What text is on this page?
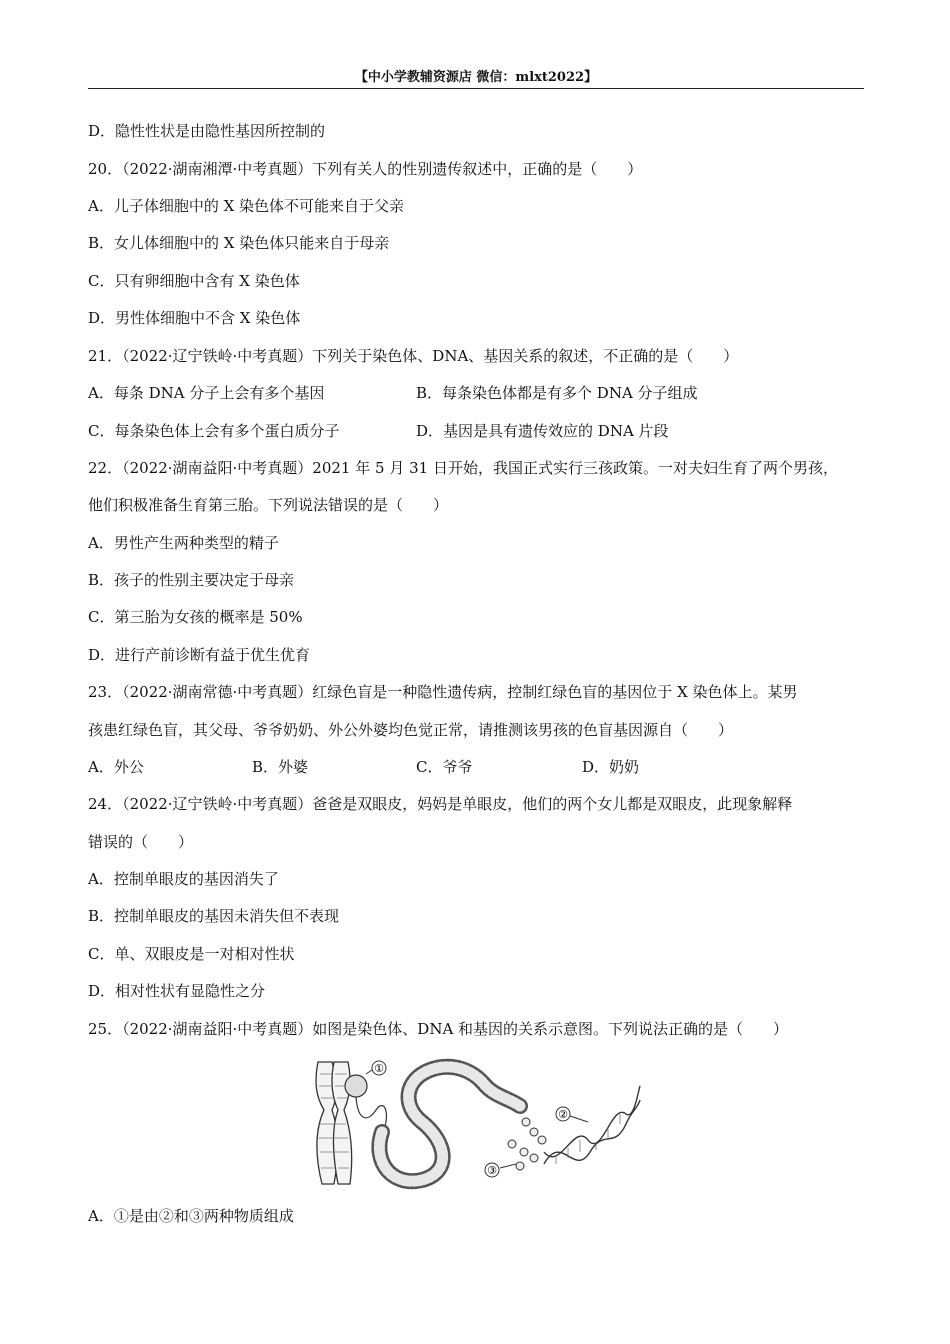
【中小学教辅资源店 微信：mlxt2022】
D．隐性性状是由隐性基因所控制的
20．（2022·湖南湘潭·中考真题）下列有关人的性别遗传叙述中，正确的是（　　）
A．儿子体细胞中的 X 染色体不可能来自于父亲
B．女儿体细胞中的 X 染色体只能来自于母亲
C．只有卵细胞中含有 X 染色体
D．男性体细胞中不含 X 染色体
21．（2022·辽宁铁岭·中考真题）下列关于染色体、DNA、基因关系的叙述，不正确的是（　　）
A．每条 DNA 分子上会有多个基因	B．每条染色体都是有多个 DNA 分子组成
C．每条染色体上会有多个蛋白质分子	D．基因是具有遗传效应的 DNA 片段
22．（2022·湖南益阳·中考真题）2021 年 5 月 31 日开始，我国正式实行三孩政策。一对夫妇生育了两个男孩，
他们积极准备生育第三胎。下列说法错误的是（　　）
A．男性产生两种类型的精子
B．孩子的性别主要决定于母亲
C．第三胎为女孩的概率是 50%
D．进行产前诊断有益于优生优育
23．（2022·湖南常德·中考真题）红绿色盲是一种隐性遗传病，控制红绿色盲的基因位于 X 染色体上。某男
孩患红绿色盲，其父母、爷爷奶奶、外公外婆均色觉正常，请推测该男孩的色盲基因源自（　　）
A．外公	B．外婆	C．爷爷	D．奶奶
24．（2022·辽宁铁岭·中考真题）爸爸是双眼皮，妈妈是单眼皮，他们的两个女儿都是双眼皮，此现象解释
错误的（　　）
A．控制单眼皮的基因消失了
B．控制单眼皮的基因未消失但不表现
C．单、双眼皮是一对相对性状
D．相对性状有显隐性之分
25．（2022·湖南益阳·中考真题）如图是染色体、DNA 和基因的关系示意图。下列说法正确的是（　　）
①
③
②
A．①是由②和③两种物质组成
